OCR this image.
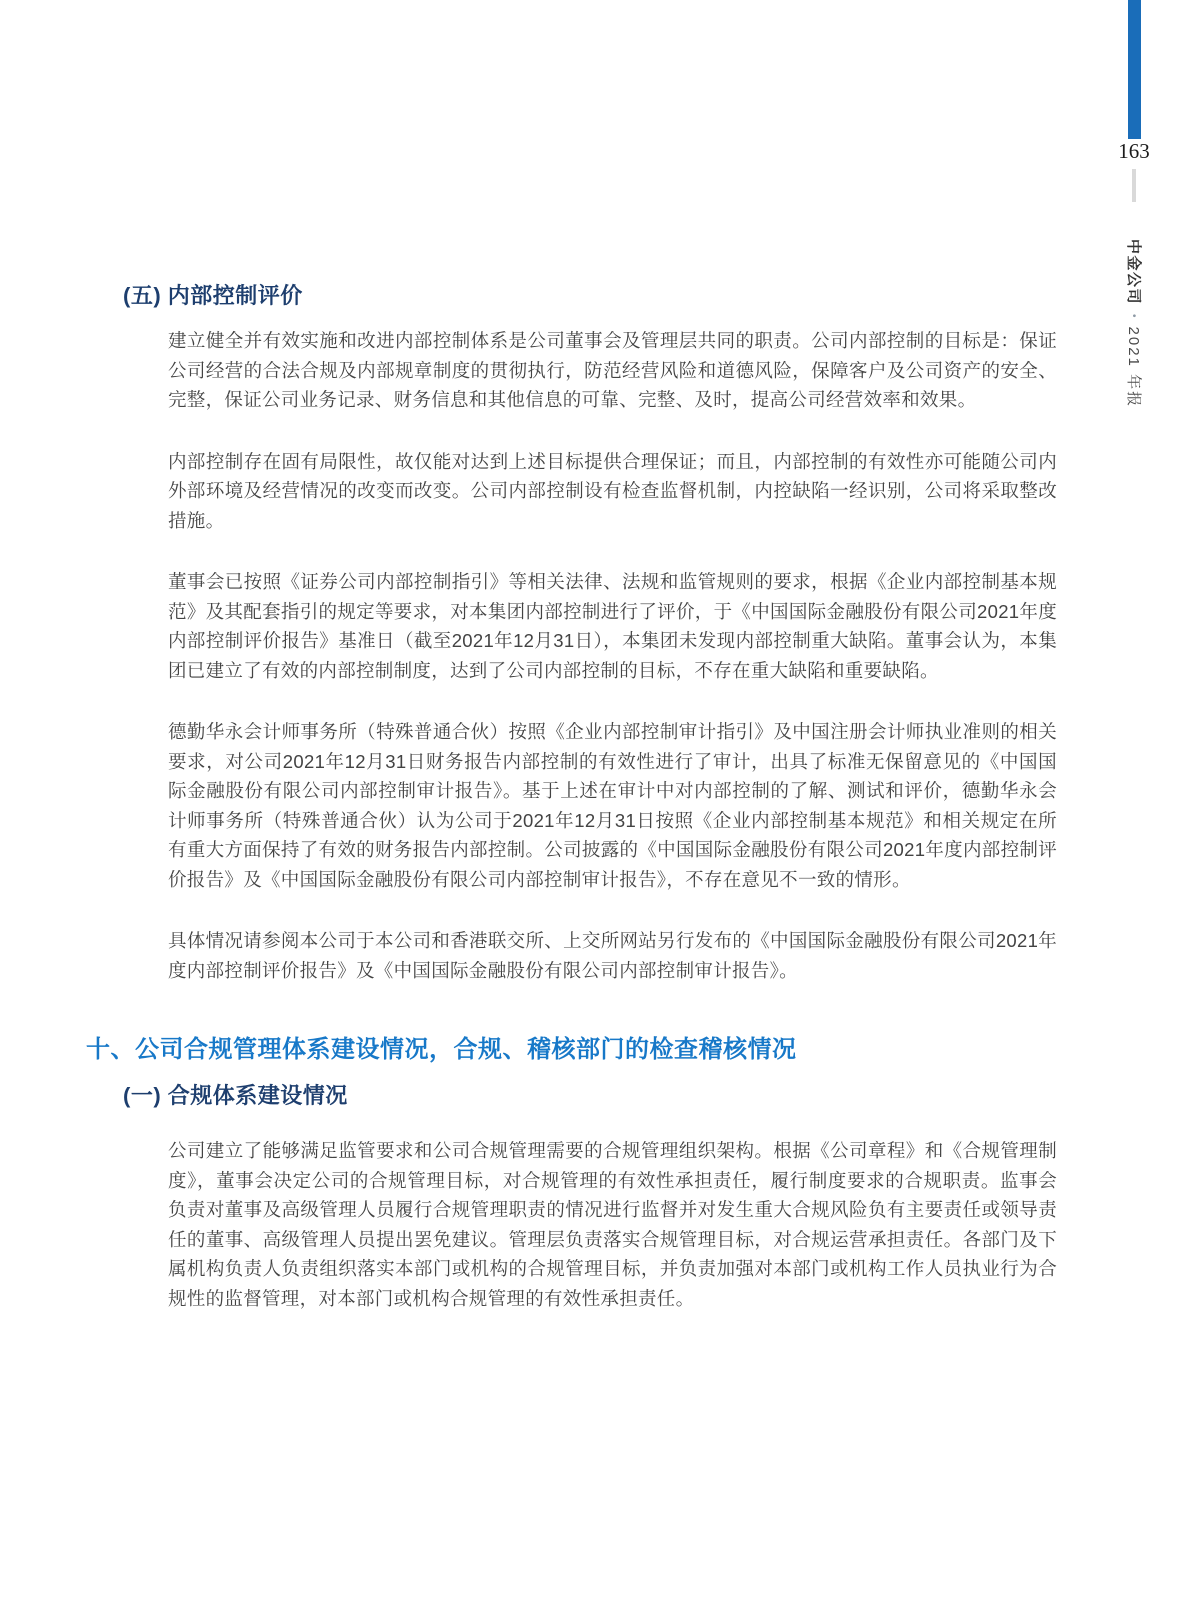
163
中金公司•2021 年报
(五) 内部控制评价

建立健全并有效实施和改进内部控制体系是公司董事会及管理层共同的职责。公司内部控制的目标是：保证公司经营的合法合规及内部规章制度的贯彻执行，防范经营风险和道德风险，保障客户及公司资产的安全、完整，保证公司业务记录、财务信息和其他信息的可靠、完整、及时，提高公司经营效率和效果。

内部控制存在固有局限性，故仅能对达到上述目标提供合理保证；而且，内部控制的有效性亦可能随公司内外部环境及经营情况的改变而改变。公司内部控制设有检查监督机制，内控缺陷一经识别，公司将采取整改措施。

董事会已按照《证券公司内部控制指引》等相关法律、法规和监管规则的要求，根据《企业内部控制基本规范》及其配套指引的规定等要求，对本集团内部控制进行了评价，于《中国国际金融股份有限公司2021年度内部控制评价报告》基准日（截至2021年12月31日），本集团未发现内部控制重大缺陷。董事会认为，本集团已建立了有效的内部控制制度，达到了公司内部控制的目标，不存在重大缺陷和重要缺陷。

德勤华永会计师事务所（特殊普通合伙）按照《企业内部控制审计指引》及中国注册会计师执业准则的相关要求，对公司2021年12月31日财务报告内部控制的有效性进行了审计，出具了标准无保留意见的《中国国际金融股份有限公司内部控制审计报告》。基于上述在审计中对内部控制的了解、测试和评价，德勤华永会计师事务所（特殊普通合伙）认为公司于2021年12月31日按照《企业内部控制基本规范》和相关规定在所有重大方面保持了有效的财务报告内部控制。公司披露的《中国国际金融股份有限公司2021年度内部控制评价报告》及《中国国际金融股份有限公司内部控制审计报告》，不存在意见不一致的情形。

具体情况请参阅本公司于本公司和香港联交所、上交所网站另行发布的《中国国际金融股份有限公司2021年度内部控制评价报告》及《中国国际金融股份有限公司内部控制审计报告》。

十、公司合规管理体系建设情况，合规、稽核部门的检查稽核情况
(一) 合规体系建设情况

公司建立了能够满足监管要求和公司合规管理需要的合规管理组织架构。根据《公司章程》和《合规管理制度》，董事会决定公司的合规管理目标，对合规管理的有效性承担责任，履行制度要求的合规职责。监事会负责对董事及高级管理人员履行合规管理职责的情况进行监督并对发生重大合规风险负有主要责任或领导责任的董事、高级管理人员提出罢免建议。管理层负责落实合规管理目标，对合规运营承担责任。各部门及下属机构负责人负责组织落实本部门或机构的合规管理目标，并负责加强对本部门或机构工作人员执业行为合规性的监督管理，对本部门或机构合规管理的有效性承担责任。
